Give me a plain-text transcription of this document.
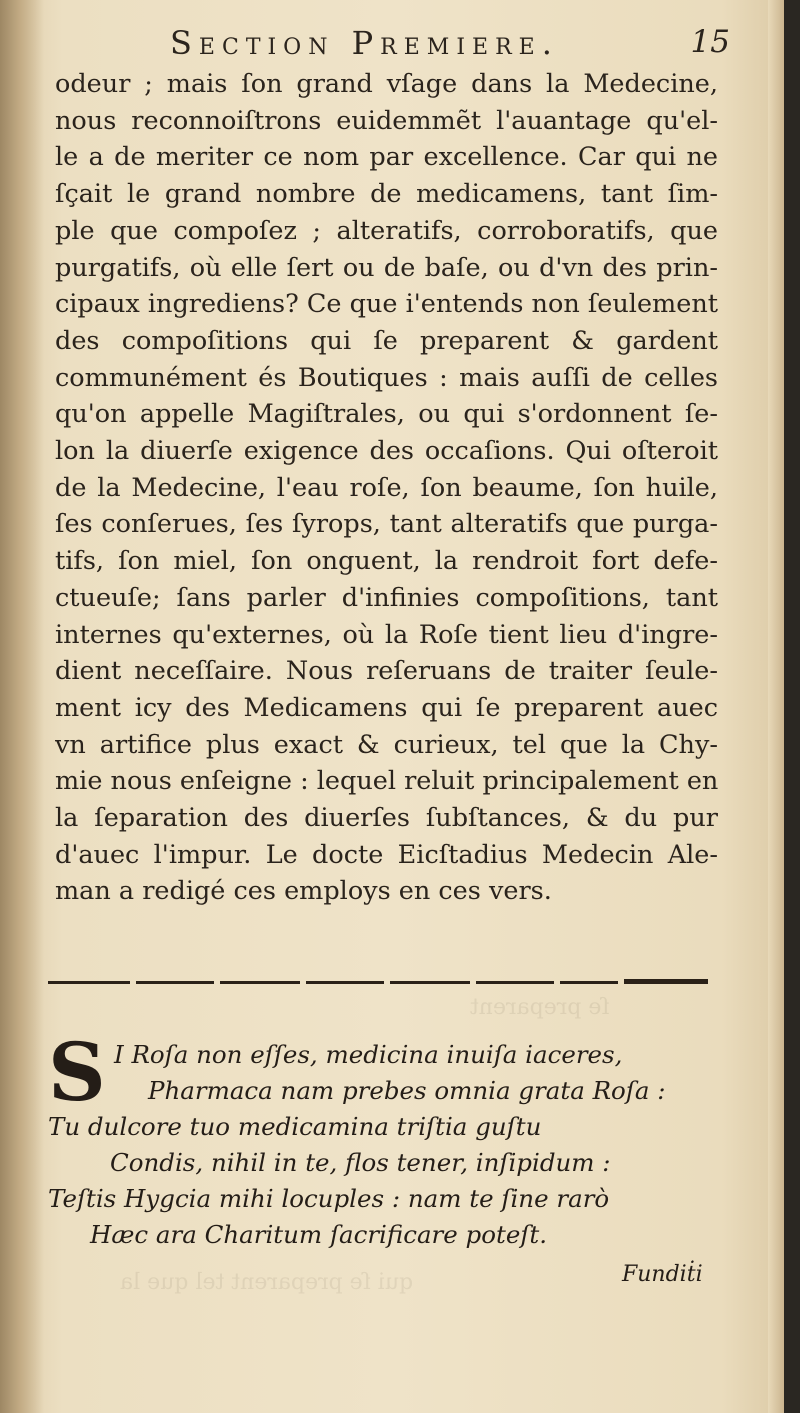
ſe preparent
qui ſe preparent tel que la
Section Premiere.	15
odeur ; mais ſon grand vſage dans la Medecine,
nous reconnoiſtrons euidemmẽt l'auantage qu'el-
le a de meriter ce nom par excellence. Car qui ne
ſçait le grand nombre de medicamens, tant ſim-
ple que compoſez ; alteratifs, corroboratifs, que
purgatifs, où elle ſert ou de baſe, ou d'vn des prin-
cipaux ingrediens? Ce que i'entends non ſeulement
des compoſitions qui ſe preparent & gardent
communément és Boutiques : mais auſſi de celles
qu'on appelle Magiſtrales, ou qui s'ordonnent ſe-
lon la diuerſe exigence des occaſions. Qui oſteroit
de la Medecine, l'eau roſe, ſon beaume, ſon huile,
ſes conſerues, ſes ſyrops, tant alteratifs que purga-
tifs, ſon miel, ſon onguent, la rendroit fort defe-
ctueuſe; ſans parler d'infinies compoſitions, tant
internes qu'externes, où la Roſe tient lieu d'ingre-
dient neceſſaire. Nous reſeruans de traiter ſeule-
ment icy des Medicamens qui ſe preparent auec
vn artifice plus exact & curieux, tel que la Chy-
mie nous enſeigne : lequel reluit principalement en
la ſeparation des diuerſes ſubſtances, & du pur
d'auec l'impur. Le docte Eicſtadius Medecin Ale-
man a redigé ces employs en ces vers.
S I Roſa non eſſes, medicina inuiſa iaceres,
Pharmaca nam prebes omnia grata Roſa :
Tu dulcore tuo medicamina triſtia guſtu
Condis, nihil in te, flos tener, inſipidum :
Teſtis Hygcia mihi locuples : nam te ſine rarò
Hæc ara Charitum ſacrificare poteſt.
Fundiṫi
